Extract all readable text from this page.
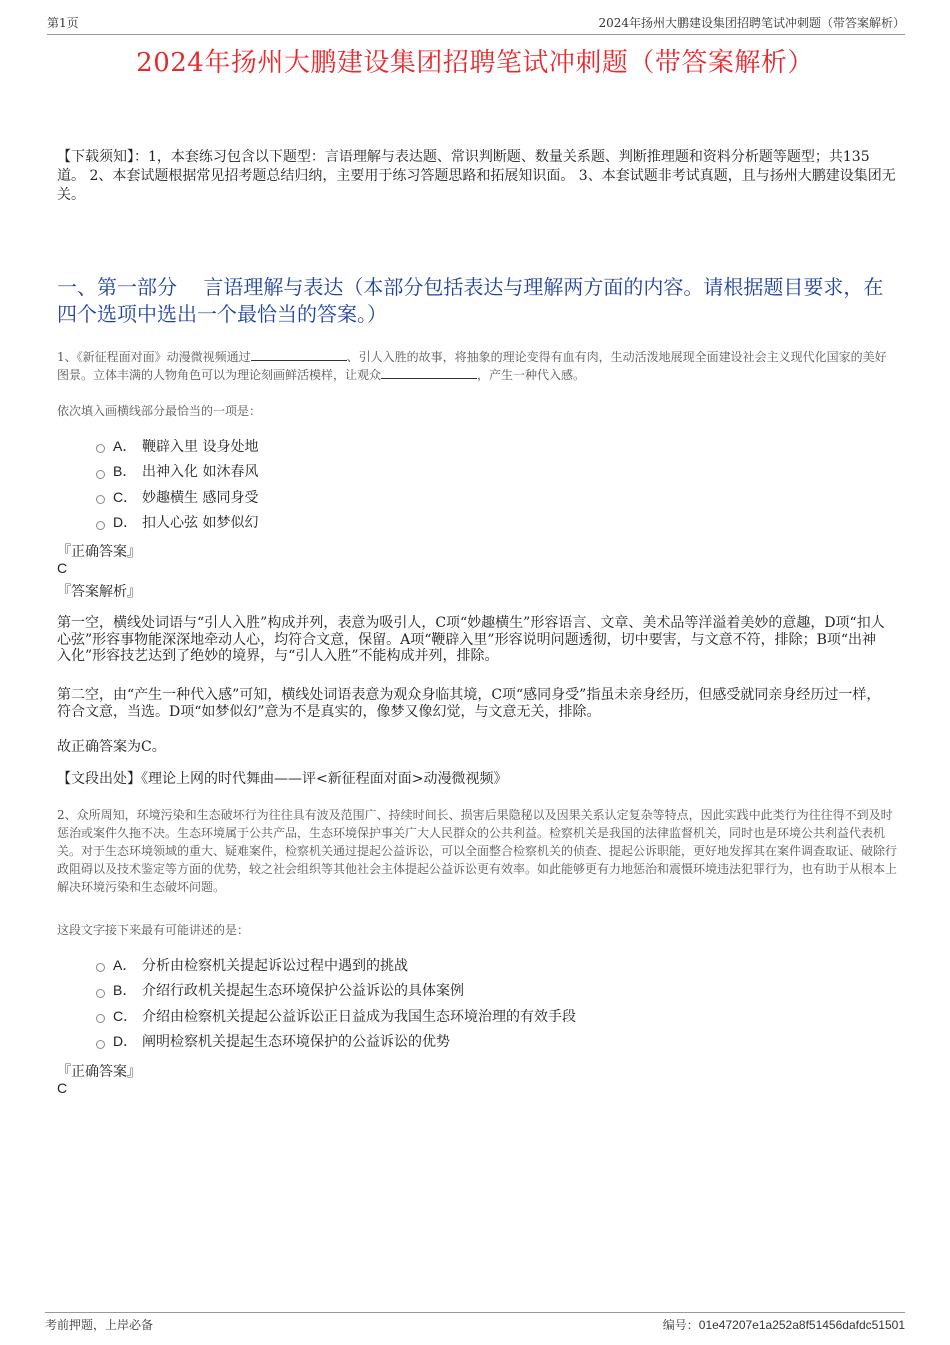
第1页	2024年扬州大鹏建设集团招聘笔试冲刺题（带答案解析）
2024年扬州大鹏建设集团招聘笔试冲刺题（带答案解析）
【下载须知】：1，本套练习包含以下题型：言语理解与表达题、常识判断题、数量关系题、判断推理题和资料分析题等题型；共135道。 2、本套试题根据常见招考题总结归纳，主要用于练习答题思路和拓展知识面。 3、本套试题非考试真题，且与扬州大鹏建设集团无关。
一、第一部分　 言语理解与表达（本部分包括表达与理解两方面的内容。请根据题目要求，在四个选项中选出一个最恰当的答案。）
1、《新征程面对面》动漫微视频通过	、引人入胜的故事，将抽象的理论变得有血有肉，生动活泼地展现全面建设社会主义现代化国家的美好图景。立体丰满的人物角色可以为理论刻画鲜活模样，让观众	，产生一种代入感。
依次填入画横线部分最恰当的一项是：
A． 鞭辟入里 设身处地
B． 出神入化 如沐春风
C． 妙趣横生 感同身受
D． 扣人心弦 如梦似幻
『正确答案』
C
『答案解析』
第一空，横线处词语与“引人入胜”构成并列，表意为吸引人，C项“妙趣横生”形容语言、文章、美术品等洋溢着美妙的意趣，D项“扣人心弦”形容事物能深深地牵动人心，均符合文意，保留。A项“鞭辟入里”形容说明问题透彻，切中要害，与文意不符，排除；B项“出神入化”形容技艺达到了绝妙的境界，与“引人入胜”不能构成并列，排除。
第二空，由“产生一种代入感”可知，横线处词语表意为观众身临其境，C项“感同身受”指虽未亲身经历，但感受就同亲身经历过一样，符合文意，当选。D项“如梦似幻”意为不是真实的，像梦又像幻觉，与文意无关，排除。
故正确答案为C。
【文段出处】《理论上网的时代舞曲——评<新征程面对面>动漫微视频》
2、众所周知，环境污染和生态破坏行为往往具有波及范围广、持续时间长、损害后果隐秘以及因果关系认定复杂等特点，因此实践中此类行为往往得不到及时惩治或案件久拖不决。生态环境属于公共产品，生态环境保护事关广大人民群众的公共利益。检察机关是我国的法律监督机关，同时也是环境公共利益代表机关。对于生态环境领域的重大、疑难案件，检察机关通过提起公益诉讼，可以全面整合检察机关的侦查、提起公诉职能，更好地发挥其在案件调查取证、破除行政阻碍以及技术鉴定等方面的优势，较之社会组织等其他社会主体提起公益诉讼更有效率。如此能够更有力地惩治和震慑环境违法犯罪行为，也有助于从根本上解决环境污染和生态破坏问题。
这段文字接下来最有可能讲述的是：
A． 分析由检察机关提起诉讼过程中遇到的挑战
B． 介绍行政机关提起生态环境保护公益诉讼的具体案例
C． 介绍由检察机关提起公益诉讼正日益成为我国生态环境治理的有效手段
D． 阐明检察机关提起生态环境保护的公益诉讼的优势
『正确答案』
C
考前押题，上岸必备	编号：01e47207e1a252a8f51456dafdc51501
